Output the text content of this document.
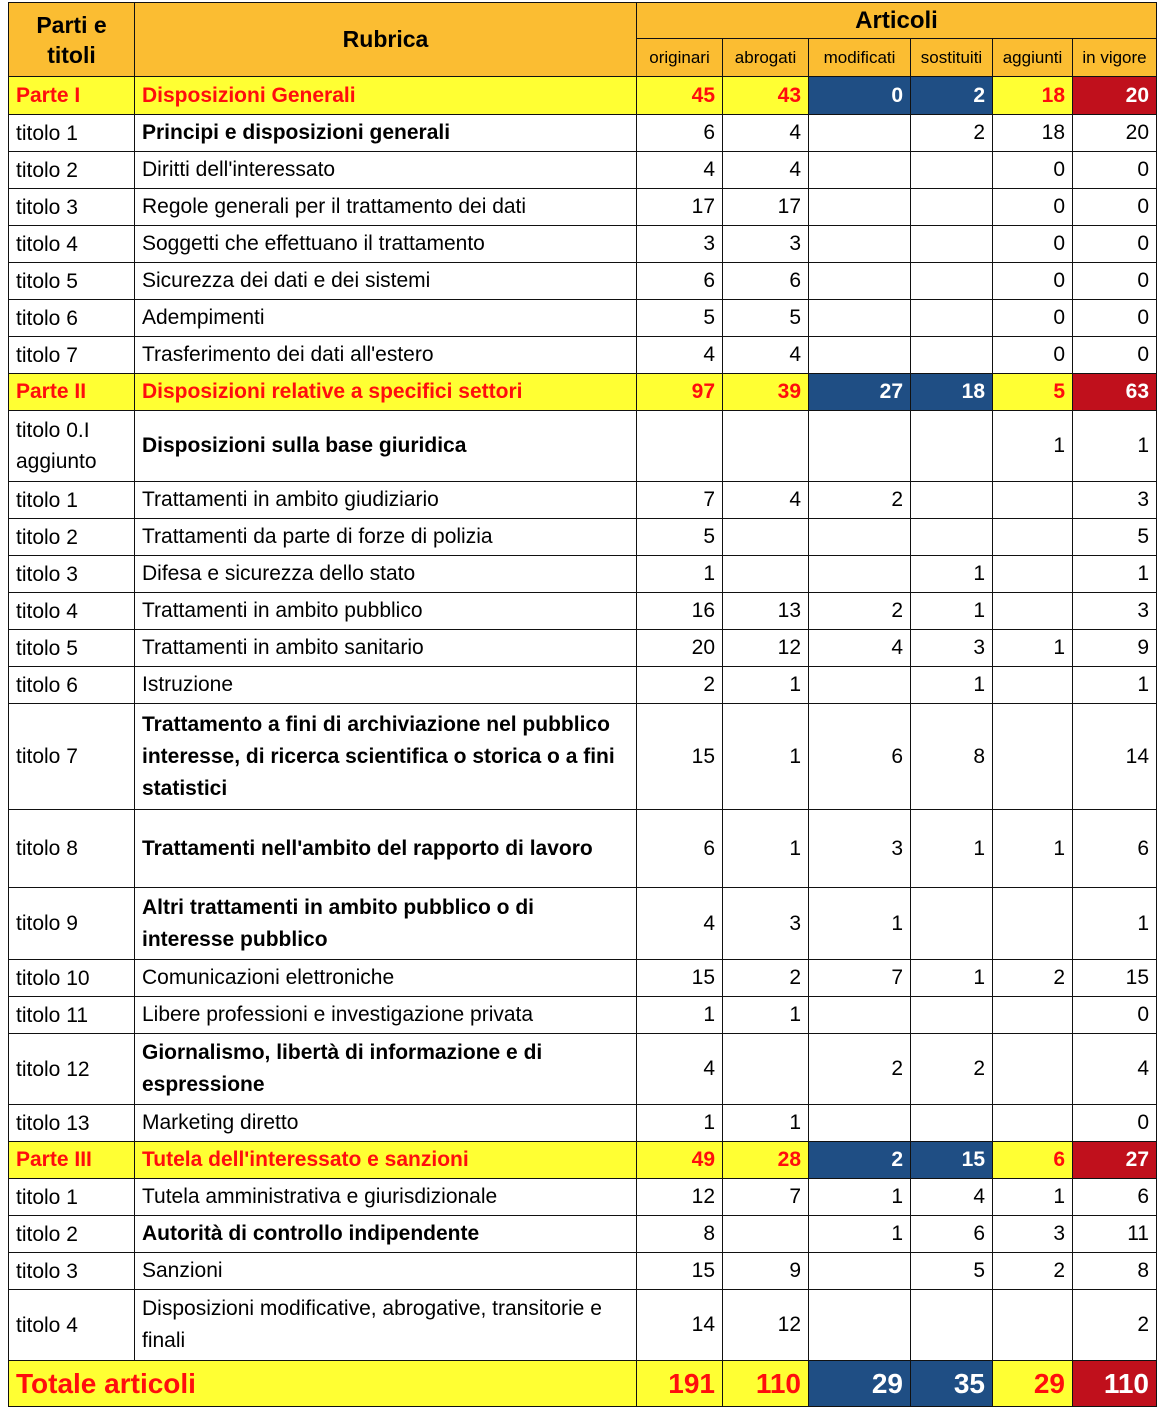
Parti e titoli	Rubrica	Articoli					
		originari	abrogati	modificati	sostituiti	aggiunti	in vigore
Parte I	Disposizioni Generali	45	43	0	2	18	20
titolo 1	Principi e disposizioni generali	6	4		2	18	20
titolo 2	Diritti dell'interessato	4	4			0	0
titolo 3	Regole generali per il trattamento dei dati	17	17			0	0
titolo 4	Soggetti che effettuano il trattamento	3	3			0	0
titolo 5	Sicurezza dei dati e dei sistemi	6	6			0	0
titolo 6	Adempimenti	5	5			0	0
titolo 7	Trasferimento dei dati all'estero	4	4			0	0
Parte II	Disposizioni relative a specifici settori	97	39	27	18	5	63
titolo 0.I aggiunto	Disposizioni sulla base giuridica					1	1
titolo 1	Trattamenti in ambito giudiziario	7	4	2			3
titolo 2	Trattamenti da parte di forze di polizia	5					5
titolo 3	Difesa e sicurezza dello stato	1			1		1
titolo 4	Trattamenti in ambito pubblico	16	13	2	1		3
titolo 5	Trattamenti in ambito sanitario	20	12	4	3	1	9
titolo 6	Istruzione	2	1		1		1
titolo 7	Trattamento a fini di archiviazione nel pubblico interesse, di ricerca scientifica o storica o a fini statistici	15	1	6	8		14
titolo 8	Trattamenti nell'ambito del rapporto di lavoro	6	1	3	1	1	6
titolo 9	Altri trattamenti in ambito pubblico o di interesse pubblico	4	3	1			1
titolo 10	Comunicazioni elettroniche	15	2	7	1	2	15
titolo 11	Libere professioni e investigazione privata	1	1				0
titolo 12	Giornalismo, libertà di informazione e di espressione	4		2	2		4
titolo 13	Marketing diretto	1	1				0
Parte III	Tutela dell'interessato e sanzioni	49	28	2	15	6	27
titolo 1	Tutela amministrativa e giurisdizionale	12	7	1	4	1	6
titolo 2	Autorità di controllo indipendente	8		1	6	3	11
titolo 3	Sanzioni	15	9		5	2	8
titolo 4	Disposizioni modificative, abrogative, transitorie e finali	14	12				2
Totale articoli		191	110	29	35	29	110
